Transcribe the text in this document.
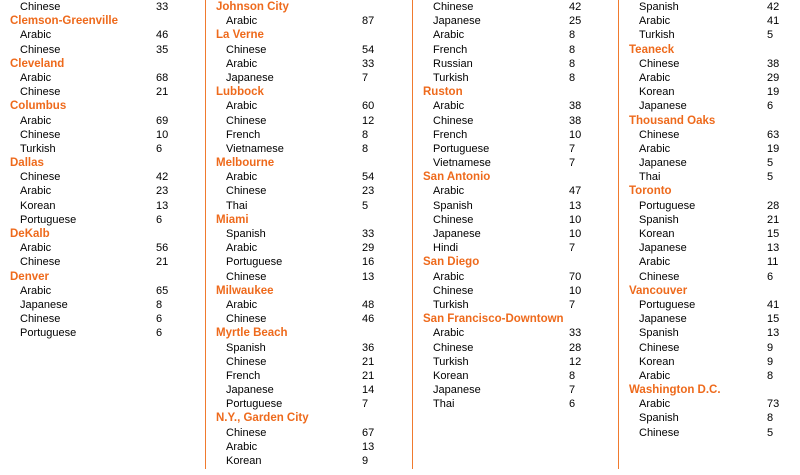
Chinese	33
Clemson-Greenville
Arabic	46
Chinese	35
Cleveland
Arabic	68
Chinese	21
Columbus
Arabic	69
Chinese	10
Turkish	6
Dallas
Chinese	42
Arabic	23
Korean	13
Portuguese	6
DeKalb
Arabic	56
Chinese	21
Denver
Arabic	65
Japanese	8
Chinese	6
Portuguese	6
Johnson City
Arabic	87
La Verne
Chinese	54
Arabic	33
Japanese	7
Lubbock
Arabic	60
Chinese	12
French	8
Vietnamese	8
Melbourne
Arabic	54
Chinese	23
Thai	5
Miami
Spanish	33
Arabic	29
Portuguese	16
Chinese	13
Milwaukee
Arabic	48
Chinese	46
Myrtle Beach
Spanish	36
Chinese	21
French	21
Japanese	14
Portuguese	7
N.Y., Garden City
Chinese	67
Arabic	13
Korean	9
Chinese	42
Japanese	25
Arabic	8
French	8
Russian	8
Turkish	8
Ruston
Arabic	38
Chinese	38
French	10
Portuguese	7
Vietnamese	7
San Antonio
Arabic	47
Spanish	13
Chinese	10
Japanese	10
Hindi	7
San Diego
Arabic	70
Chinese	10
Turkish	7
San Francisco-Downtown
Arabic	33
Chinese	28
Turkish	12
Korean	8
Japanese	7
Thai	6
Spanish	42
Arabic	41
Turkish	5
Teaneck
Chinese	38
Arabic	29
Korean	19
Japanese	6
Thousand Oaks
Chinese	63
Arabic	19
Japanese	5
Thai	5
Toronto
Portuguese	28
Spanish	21
Korean	15
Japanese	13
Arabic	11
Chinese	6
Vancouver
Portuguese	41
Japanese	15
Spanish	13
Chinese	9
Korean	9
Arabic	8
Washington D.C.
Arabic	73
Spanish	8
Chinese	5
